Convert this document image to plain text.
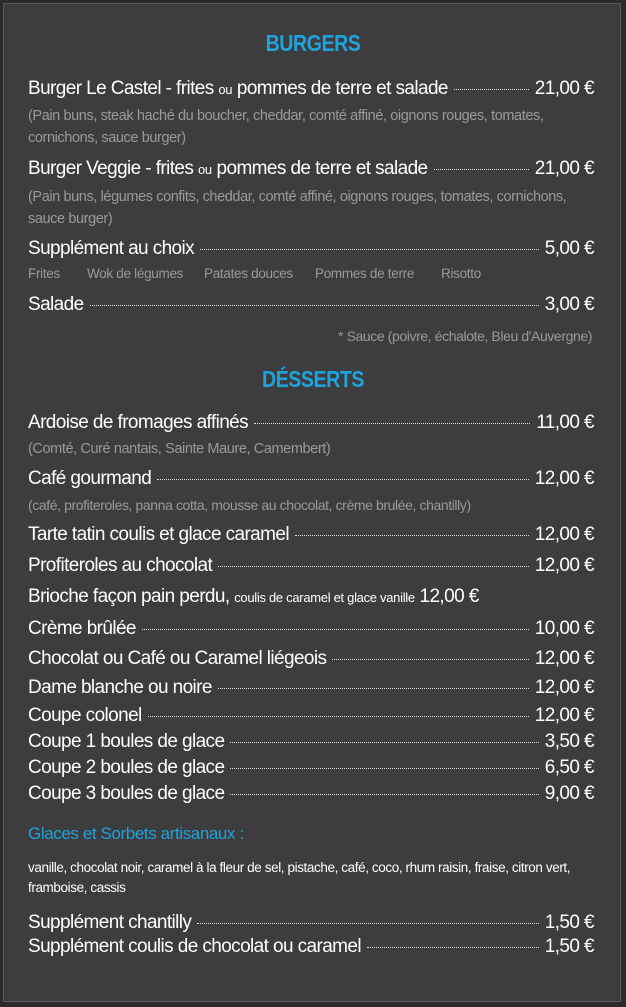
BURGERS
Burger Le Castel - frites ou pommes de terre et salade	21,00 €
(Pain buns, steak haché du boucher, cheddar, comté affiné, oignons rouges, tomates, cornichons, sauce burger)
Burger Veggie - frites ou pommes de terre et salade	21,00 €
(Pain buns, légumes confits, cheddar, comté affiné, oignons rouges, tomates, cornichons, sauce burger)
Supplément au choix	5,00 €
Frites Wok de légumes Patates douces Pommes de terre Risotto
Salade	3,00 €
* Sauce (poivre, échalote, Bleu d'Auvergne)
DÉSSERTS
Ardoise de fromages affinés	11,00 €
(Comté, Curé nantais, Sainte Maure, Camembert)
Café gourmand	12,00 €
(café, profiteroles, panna cotta, mousse au chocolat, crème brulée, chantilly)
Tarte tatin coulis et glace caramel	12,00 €
Profiteroles au chocolat	12,00 €
Brioche façon pain perdu, coulis de caramel et glace vanille 12,00 €
Crème brûlée	10,00 €
Chocolat ou Café ou Caramel liégeois	12,00 €
Dame blanche ou noire	12,00 €
Coupe colonel	12,00 €
Coupe 1 boules de glace	3,50 €
Coupe 2 boules de glace	6,50 €
Coupe 3 boules de glace	9,00 €
Glaces et Sorbets artisanaux :
vanille, chocolat noir, caramel à la fleur de sel, pistache, café, coco, rhum raisin, fraise, citron vert, framboise, cassis
Supplément chantilly	1,50 €
Supplément coulis de chocolat ou caramel	1,50 €
